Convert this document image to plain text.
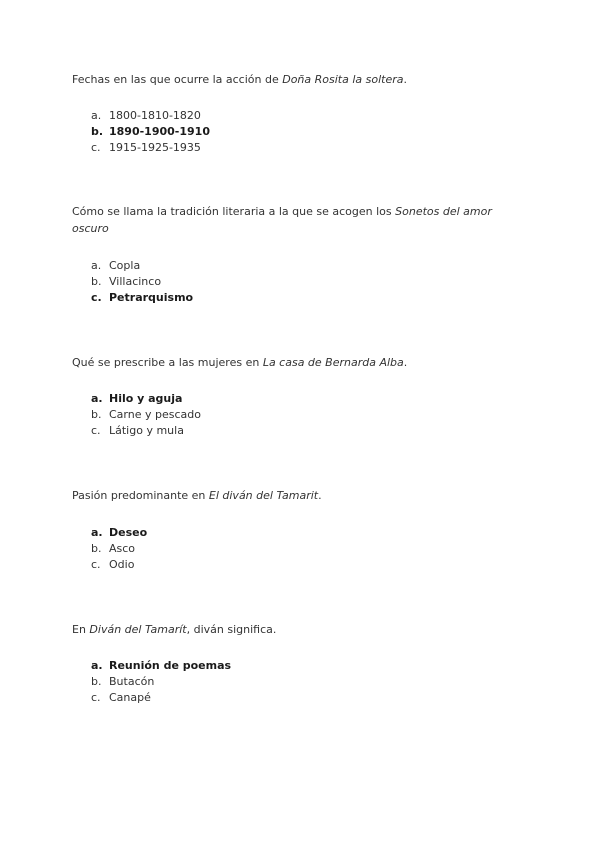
Fechas en las que ocurre la acción de Doña Rosita la soltera.

a. 1800-1810-1820
b. 1890-1900-1910
c. 1915-1925-1935

Cómo se llama la tradición literaria a la que se acogen los Sonetos del amor oscuro

a. Copla
b. Villacinco
c. Petrarquismo

Qué se prescribe a las mujeres en La casa de Bernarda Alba.

a. Hilo y aguja
b. Carne y pescado
c. Látigo y mula

Pasión predominante en El diván del Tamarit.

a. Deseo
b. Asco
c. Odio

En Diván del Tamarít, diván significa.

a. Reunión de poemas
b. Butacón
c. Canapé
